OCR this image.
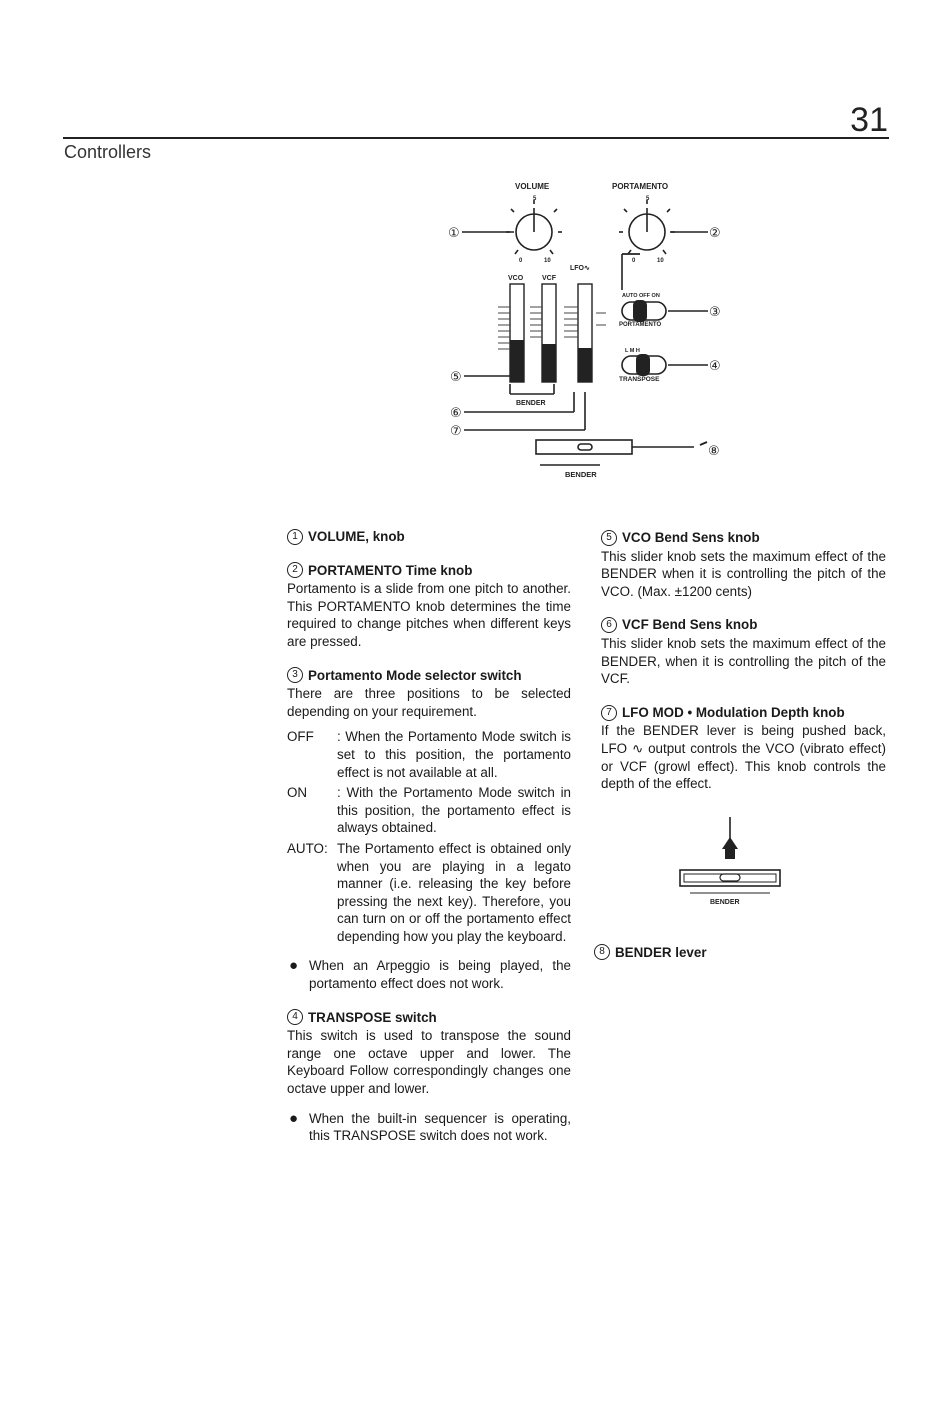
31
Controllers
VOLUME	PORTAMENTO
5	5
0	10	0	10
VCO	VCF
LFO∿
AUTO OFF ON
PORTAMENTO
L M H
TRANSPOSE
BENDER
BENDER
①	②
③
④
⑤
⑥
⑦
⑧
1 VOLUME, knob
2 PORTAMENTO Time knob

Portamento is a slide from one pitch to another. This PORTAMENTO knob determines the time required to change pitches when different keys are pressed.

3 Portamento Mode selector switch

There are three positions to be selected depending on your requirement.

OFF	: When the Portamento Mode switch is set to this position, the portamento effect is not available at all.
ON	: With the Portamento Mode switch in this position, the portamento effect is always obtained.
AUTO: The Portamento effect is obtained only when you are playing in a legato manner (i.e. releasing the key before pressing the next key). Therefore, you can turn on or off the portamento effect depending how you play the keyboard.
● When an Arpeggio is being played, the portamento effect does not work.
4 TRANSPOSE switch

This switch is used to transpose the sound range one octave upper and lower. The Keyboard Follow correspondingly changes one octave upper and lower.

● When the built-in sequencer is operating, this TRANSPOSE switch does not work.
5 VCO Bend Sens knob

This slider knob sets the maximum effect of the BENDER when it is controlling the pitch of the VCO. (Max. ±1200 cents)

6 VCF Bend Sens knob

This slider knob sets the maximum effect of the BENDER, when it is controlling the pitch of the VCF.

7 LFO MOD • Modulation Depth knob

If the BENDER lever is being pushed back, LFO ∿ output controls the VCO (vibrato effect) or VCF (growl effect). This knob controls the depth of the effect.

BENDER
8 BENDER lever
